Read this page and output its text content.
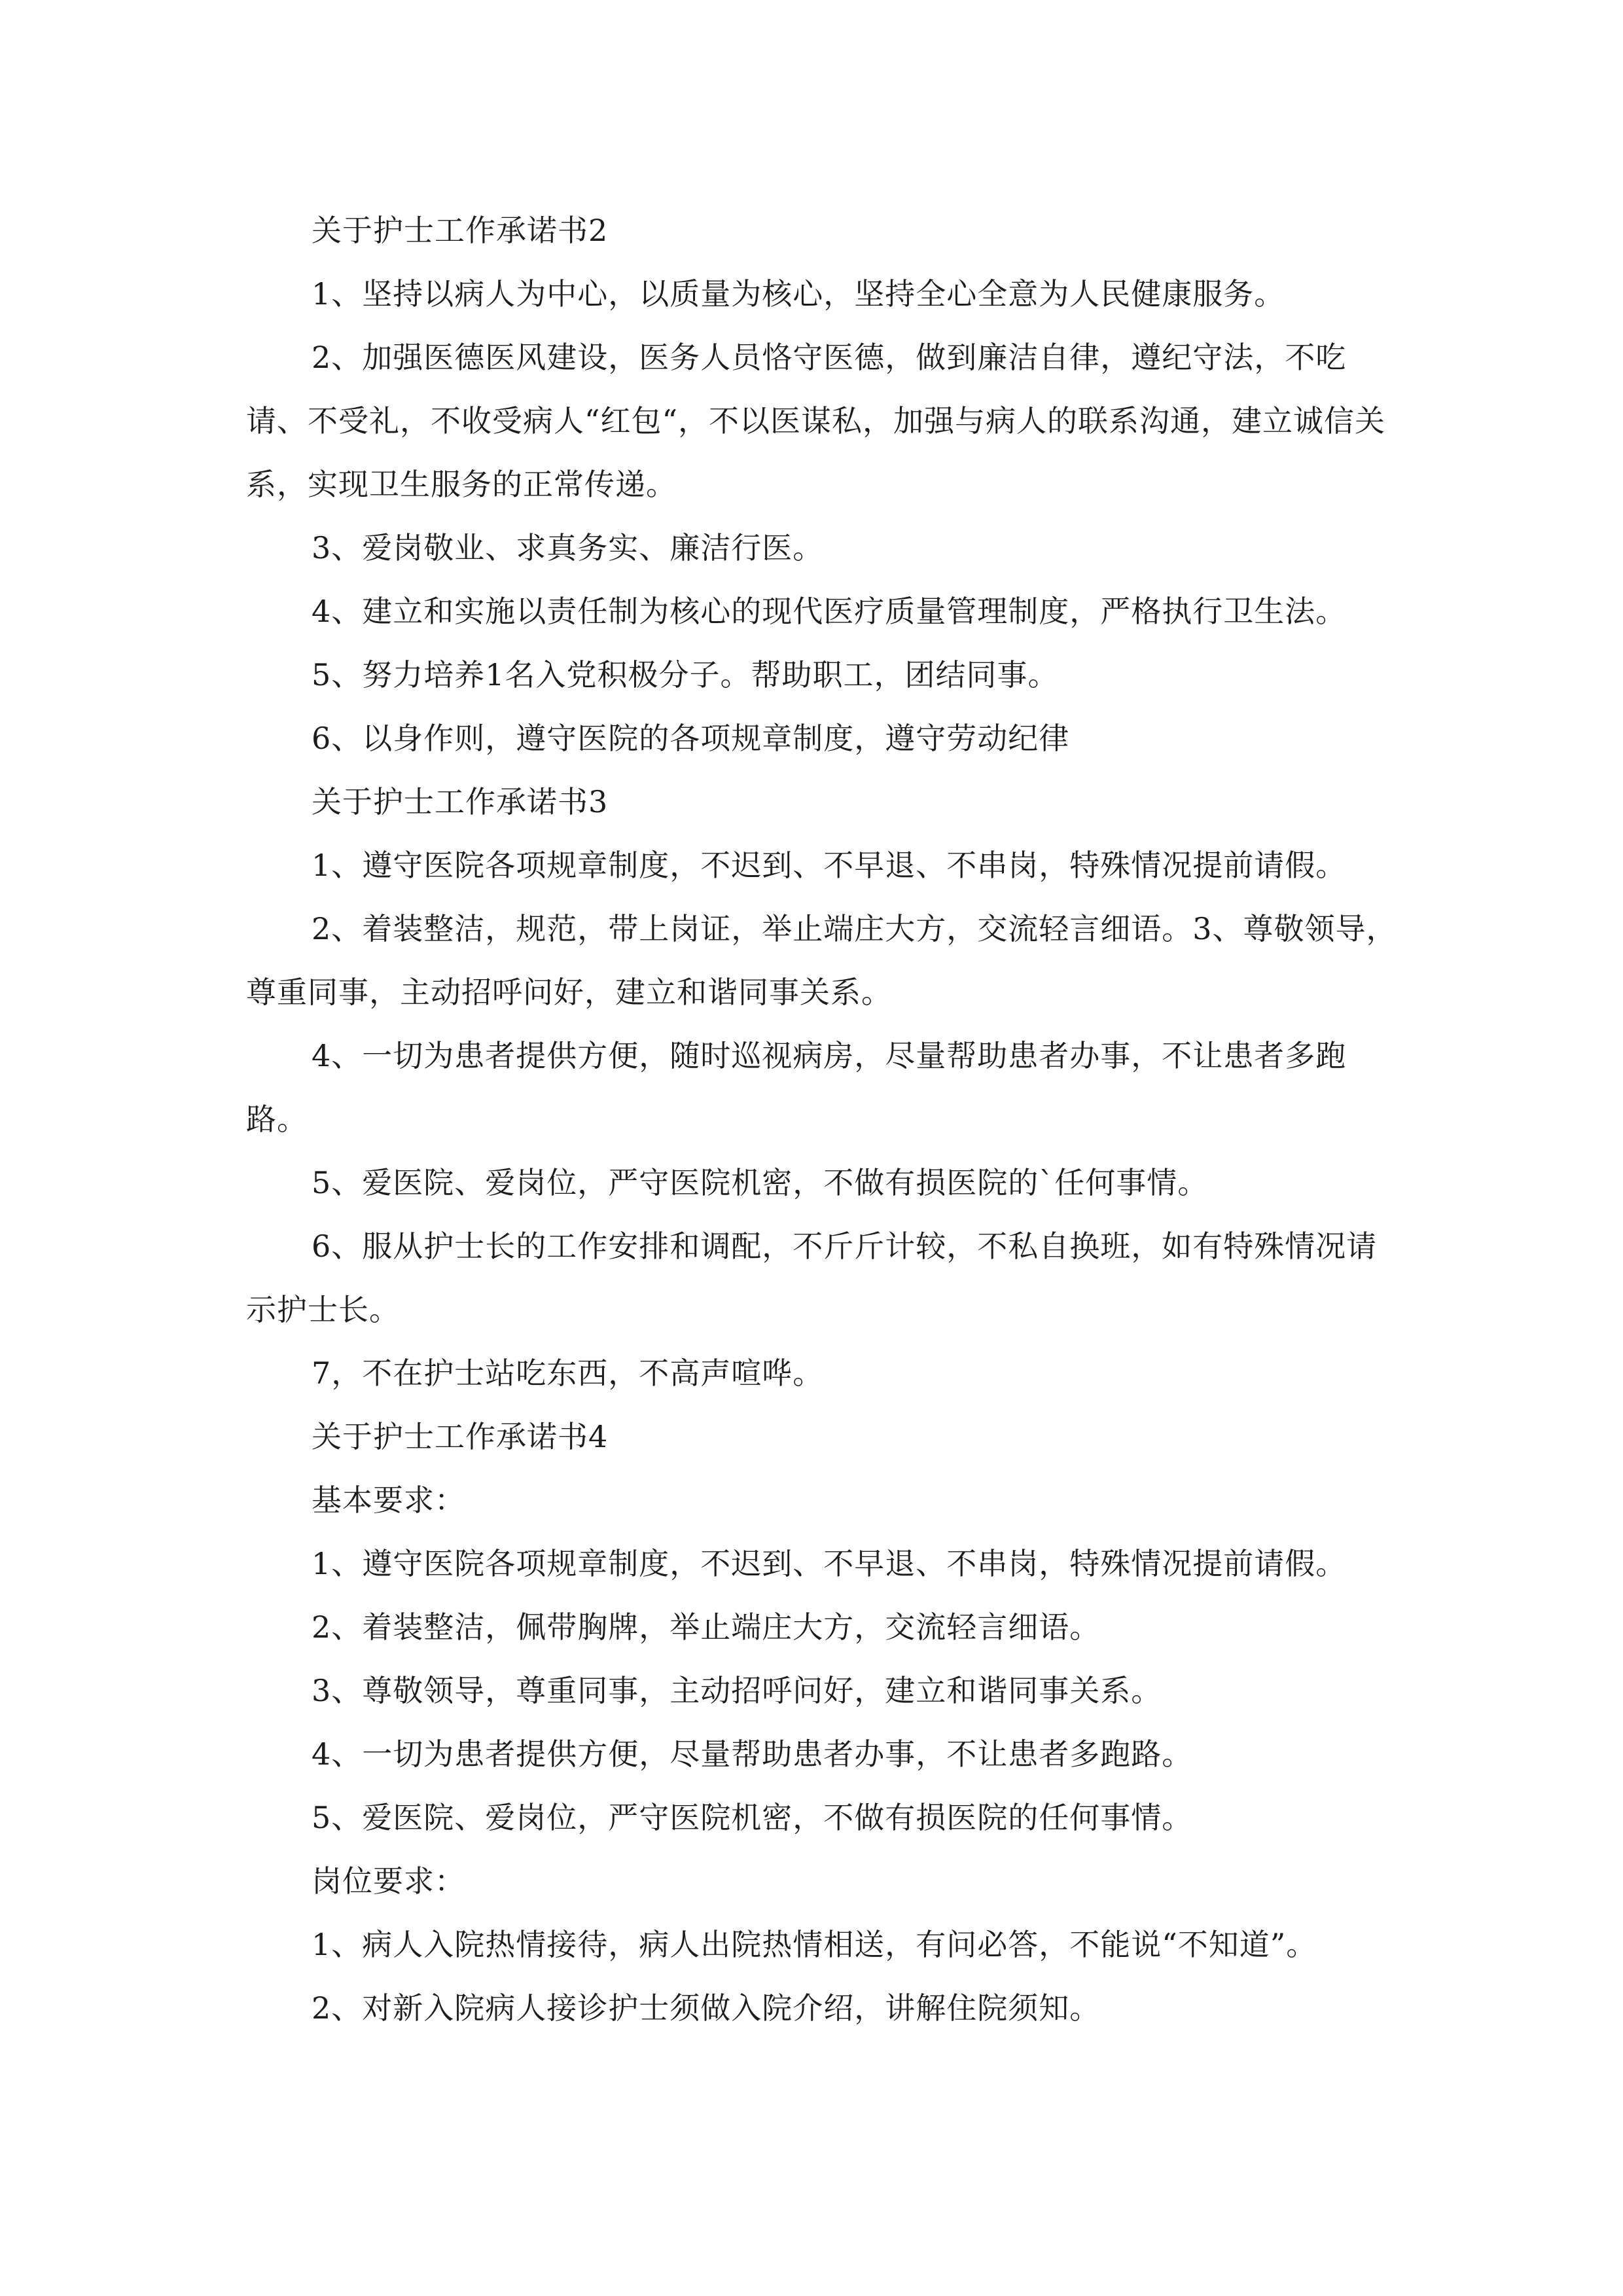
关于护士工作承诺书2

1、坚持以病人为中心，以质量为核心，坚持全心全意为人民健康服务。

2、加强医德医风建设，医务人员恪守医德，做到廉洁自律，遵纪守法，不吃请、不受礼，不收受病人“红包“，不以医谋私，加强与病人的联系沟通，建立诚信关系，实现卫生服务的正常传递。

3、爱岗敬业、求真务实、廉洁行医。

4、建立和实施以责任制为核心的现代医疗质量管理制度，严格执行卫生法。

5、努力培养1名入党积极分子。帮助职工，团结同事。

6、以身作则，遵守医院的各项规章制度，遵守劳动纪律

关于护士工作承诺书3

1、遵守医院各项规章制度，不迟到、不早退、不串岗，特殊情况提前请假。

2、着装整洁，规范，带上岗证，举止端庄大方，交流轻言细语。3、尊敬领导，尊重同事，主动招呼问好，建立和谐同事关系。

4、一切为患者提供方便，随时巡视病房，尽量帮助患者办事，不让患者多跑路。

5、爱医院、爱岗位，严守医院机密，不做有损医院的`任何事情。

6、服从护士长的工作安排和调配，不斤斤计较，不私自换班，如有特殊情况请示护士长。

7，不在护士站吃东西，不高声喧哗。

关于护士工作承诺书4

基本要求：

1、遵守医院各项规章制度，不迟到、不早退、不串岗，特殊情况提前请假。

2、着装整洁，佩带胸牌，举止端庄大方，交流轻言细语。

3、尊敬领导，尊重同事，主动招呼问好，建立和谐同事关系。

4、一切为患者提供方便，尽量帮助患者办事，不让患者多跑路。

5、爱医院、爱岗位，严守医院机密，不做有损医院的任何事情。

岗位要求：

1、病人入院热情接待，病人出院热情相送，有问必答，不能说“不知道”。

2、对新入院病人接诊护士须做入院介绍，讲解住院须知。
